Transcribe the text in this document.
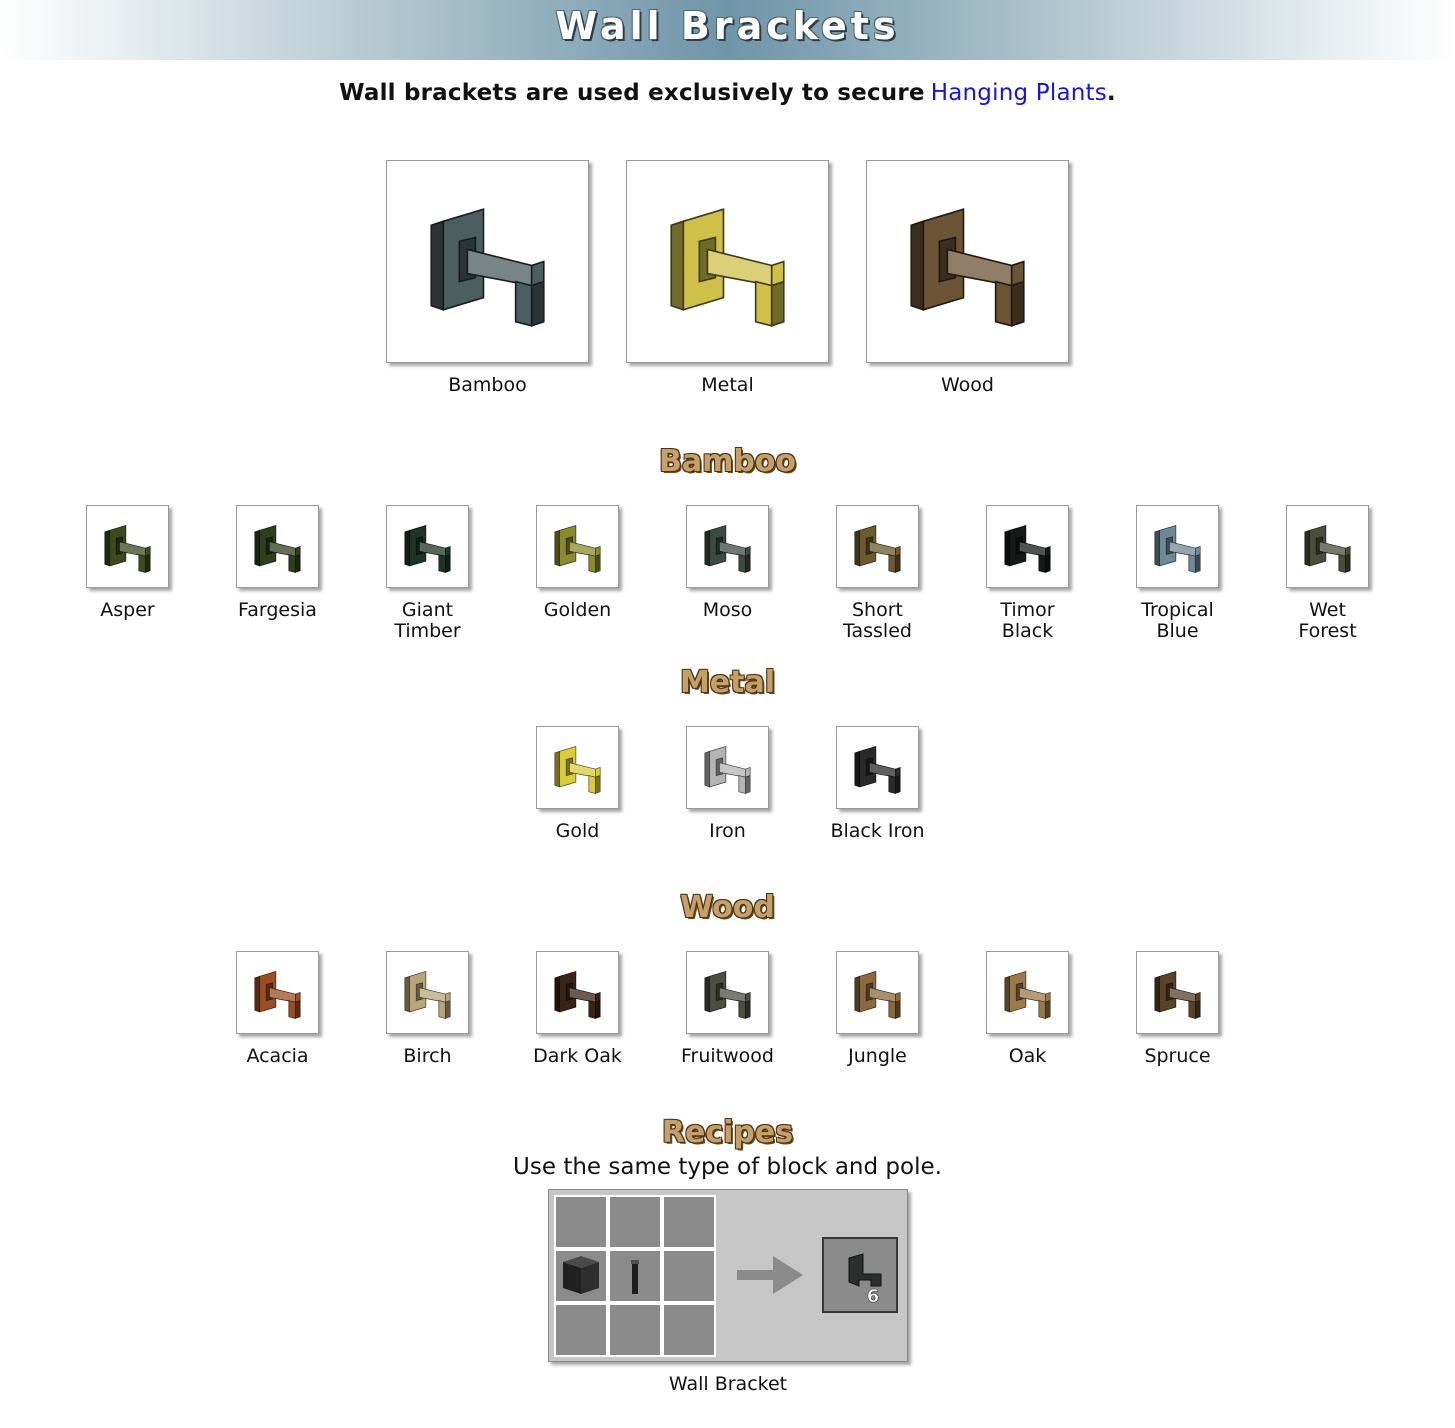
Wall Brackets
Wall brackets are used exclusively to secure Hanging Plants.
Bamboo	Metal	Wood
Bamboo
Asper	Fargesia	Giant
Timber
Golden	Moso	Short
Tassled
Timor
Black
Tropical
Blue
Wet
Forest
Metal
Gold	Iron	Black Iron
Wood
Acacia	Birch	Dark Oak	Fruitwood	Jungle	Oak	Spruce
Recipes
Use the same type of block and pole.
6
Wall Bracket
